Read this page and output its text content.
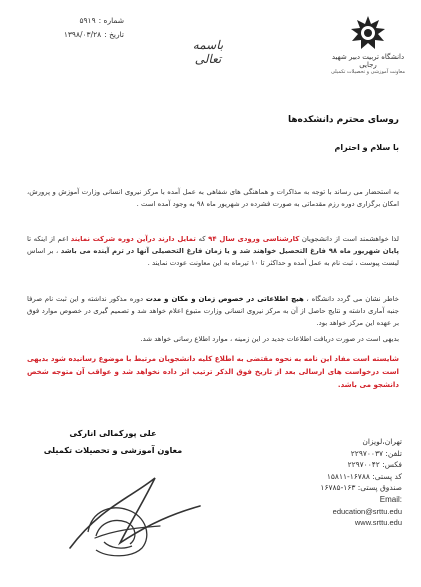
دانشگاه تربیت دبیر شهید رجایی
معاونت آموزشی و تحصیلات تکمیلی
باسمه تعالی
شماره :
۵۹۱۹
تاریخ :
۱۳۹۸/۰۳/۲۸
روسای محترم دانشکده‌ها
با سلام و احترام
به استحضار می رساند با توجه به مذاکرات و هماهنگی های شفاهی به عمل آمده با مرکز نیروی انسانی وزارت آموزش و پرورش، امکان برگزاری دوره رزم مقدماتی به صورت فشرده در شهریور ماه ۹۸ به وجود آمده است .
لذا خواهشمند است از دانشجویان کارشناسی ورودی سال ۹۴ که تمایل دارند درآین دوره شرکت نمایند اعم از اینکه تا پایان شهریور ماه ۹۸ فارغ التحصیل خواهند شد و یا زمان فارغ التحصیلی آنها در ترم آینده می باشد ، بر اساس لیست پیوست ، ثبت نام به عمل آمده و حداکثر تا ۱۰ تیرماه به این معاونت عودت نمایند .
خاطر نشان می گردد دانشگاه ، هیچ اطلاعاتی در خصوص زمان و مکان و مدت دوره مذکور نداشته و این ثبت نام صرفا جنبه آماری داشته و نتایج حاصل از آن به مرکز نیروی انسانی وزارت متبوع اعلام خواهد شد و تصمیم گیری در خصوص موارد فوق بر عهده این مرکز خواهد بود.
بدیهی است در صورت دریافت اطلاعات جدید در این زمینه ، موارد اطلاع رسانی خواهد شد.
شایسته است مفاد این نامه به نحوه مقتضی به اطلاع کلیه دانشجویان مرتبط با موضوع رسانیده شود بدیهی است درخواست های ارسالی بعد از تاریخ فوق الذکر ترتیب اثر داده نخواهد شد و عواقب آن متوجه شخص دانشجو می باشد.
علی پورکمالی انارکی
معاون آموزشی و تحصیلات تکمیلی
تهران،لویزان
تلفن: ۲۲۹۷۰۰۳۷
فکس: ۲۲۹۷۰۰۴۲
کد پستی: ۱۶۷۸۸-۱۵۸۱۱
صندوق پستی: ۱۶۳-۱۶۷۸۵
Email:
education@srttu.edu
www.srttu.edu
